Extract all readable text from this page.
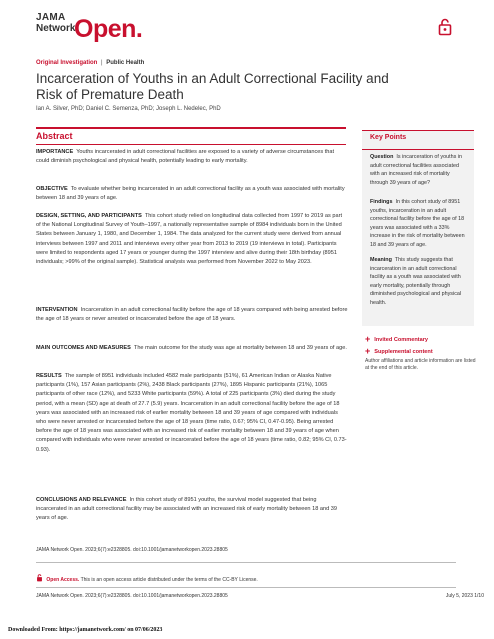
JAMA
Network
Open.
Original Investigation | Public Health
Incarceration of Youths in an Adult Correctional Facility and Risk of Premature Death
Ian A. Silver, PhD; Daniel C. Semenza, PhD; Joseph L. Nedelec, PhD
Abstract
IMPORTANCE Youths incarcerated in adult correctional facilities are exposed to a variety of adverse circumstances that could diminish psychological and physical health, potentially leading to early mortality.
OBJECTIVE To evaluate whether being incarcerated in an adult correctional facility as a youth was associated with mortality between 18 and 39 years of age.
DESIGN, SETTING, AND PARTICIPANTS This cohort study relied on longitudinal data collected from 1997 to 2019 as part of the National Longitudinal Survey of Youth–1997, a nationally representative sample of 8984 individuals born in the United States between January 1, 1980, and December 1, 1984. The data analyzed for the current study were derived from annual interviews between 1997 and 2011 and interviews every other year from 2013 to 2019 (19 interviews in total). Participants were limited to respondents aged 17 years or younger during the 1997 interview and alive during their 18th birthday (8951 individuals; >99% of the original sample). Statistical analysis was performed from November 2022 to May 2023.
INTERVENTION Incarceration in an adult correctional facility before the age of 18 years compared with being arrested before the age of 18 years or never arrested or incarcerated before the age of 18 years.
MAIN OUTCOMES AND MEASURES The main outcome for the study was age at mortality between 18 and 39 years of age.
RESULTS The sample of 8951 individuals included 4582 male participants (51%), 61 American Indian or Alaska Native participants (1%), 157 Asian participants (2%), 2438 Black participants (27%), 1895 Hispanic participants (21%), 1065 participants of other race (12%), and 5233 White participants (59%). A total of 225 participants (3%) died during the study period, with a mean (SD) age at death of 27.7 (5.9) years. Incarceration in an adult correctional facility before the age of 18 years was associated with an increased risk of earlier mortality between 18 and 39 years of age compared with individuals who were never arrested or incarcerated before the age of 18 years (time ratio, 0.67; 95% CI, 0.47-0.95). Being arrested before the age of 18 years was associated with an increased risk of earlier mortality between 18 and 39 years of age when compared with individuals who were never arrested or incarcerated before the age of 18 years (time ratio, 0.82; 95% CI, 0.73-0.93).
CONCLUSIONS AND RELEVANCE In this cohort study of 8951 youths, the survival model suggested that being incarcerated in an adult correctional facility may be associated with an increased risk of early mortality between 18 and 39 years of age.
Key Points
Question Is incarceration of youths in adult correctional facilities associated with an increased risk of mortality through 39 years of age?
Findings In this cohort study of 8951 youths, incarceration in an adult correctional facility before the age of 18 years was associated with a 33% increase in the risk of mortality between 18 and 39 years of age.
Meaning This study suggests that incarceration in an adult correctional facility as a youth was associated with early mortality, potentially through diminished psychological and physical health.
+ Invited Commentary
+ Supplemental content
Author affiliations and article information are listed at the end of this article.
JAMA Network Open. 2023;6(7):e2328805. doi:10.1001/jamanetworkopen.2023.28805
Open Access. This is an open access article distributed under the terms of the CC-BY License.
JAMA Network Open. 2023;6(7):e2328805. doi:10.1001/jamanetworkopen.2023.28805	July 5, 2023 1/10
Downloaded From: https://jamanetwork.com/ on 07/06/2023
